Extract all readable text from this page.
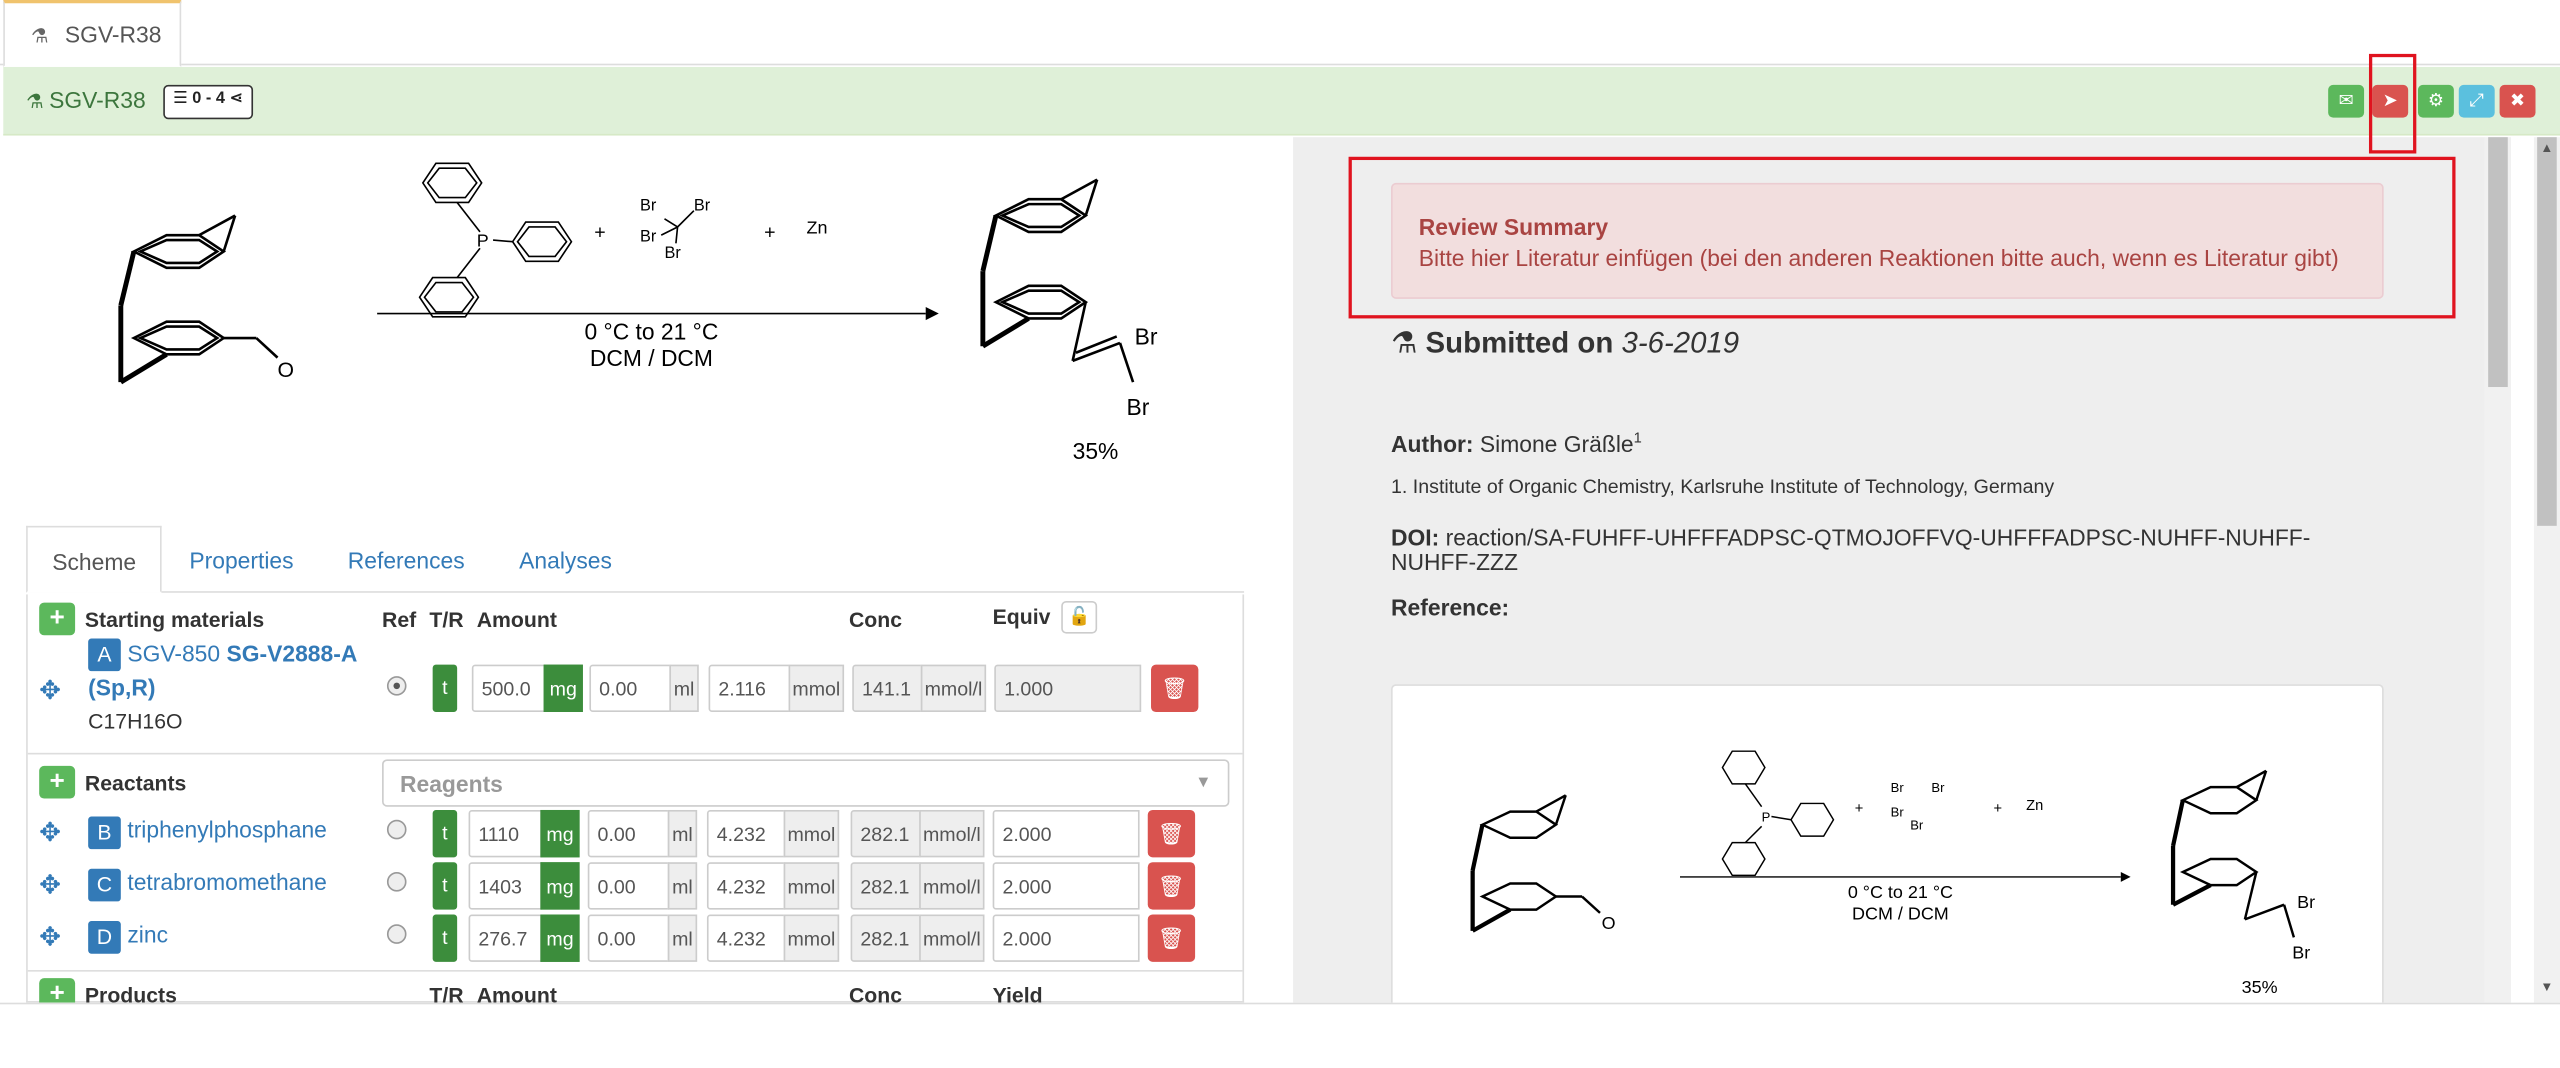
⚗ SGV-R38
⚗ SGV-R38	☰ 0 - 4 ⋖	✉	➤	⚙	⤢	✖
O
P	+
Br	Br
Br
Br
+	Zn
0 °C to 21 °C
DCM / DCM
Br
Br
35%
Scheme	Properties	References	Analyses
+	Starting materials	Ref T/R Amount	Conc	Equiv	🔓
✥
A	SGV-850 SG-V2888-A
(Sp,R)
C17H16O
t	500.0	mg	0.00	ml	2.116	mmol	141.1	mmol/l	1.000	🗑
+	Reactants	Reagents	▼
✥	B	triphenylphosphane	t	1110	mg	0.00	ml	4.232	mmol	282.1	mmol/l	2.000	🗑
✥	C	tetrabromomethane	t	1403	mg	0.00	ml	4.232	mmol	282.1	mmol/l	2.000	🗑
✥	D	zinc	t	276.7	mg	0.00	ml	4.232	mmol	282.1	mmol/l	2.000	🗑
+	Products	T/R Amount	Conc	Yield
Review Summary
Bitte hier Literatur einfügen (bei den anderen Reaktionen bitte auch, wenn es Literatur gibt)
⚗ Submitted on 3-6-2019
Author: Simone Gräßle$^1$
1. Institute of Organic Chemistry, Karlsruhe Institute of Technology, Germany
DOI: reaction/SA-FUHFF-UHFFFADPSC-QTMOJOFFVQ-UHFFFADPSC-NUHFF-NUHFF-
NUHFF-ZZZ
Reference:
O
P	+
Br	Br
Br
Br
+	Zn
0 °C to 21 °C
DCM / DCM
Br
Br
35%
▲
▼
